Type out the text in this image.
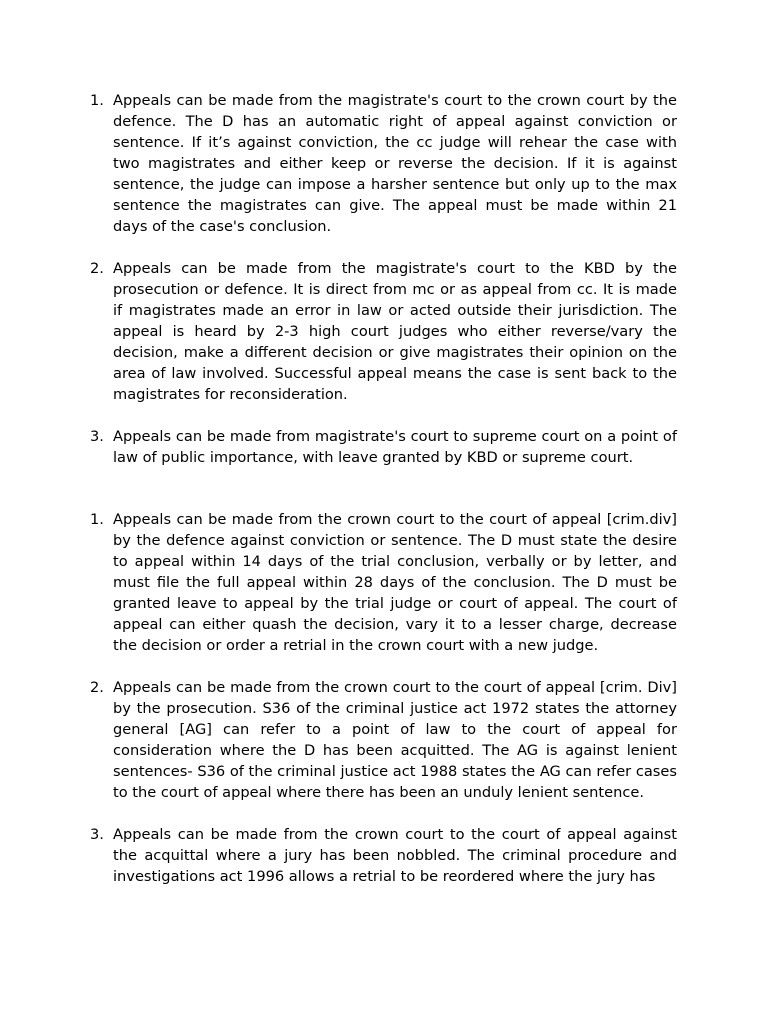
1. Appeals can be made from the magistrate's court to the crown court by the defence. The D has an automatic right of appeal against conviction or sentence. If it’s against conviction, the cc judge will rehear the case with two magistrates and either keep or reverse the decision. If it is against sentence, the judge can impose a harsher sentence but only up to the max sentence the magistrates can give. The appeal must be made within 21 days of the case's conclusion.
2. Appeals can be made from the magistrate's court to the KBD by the prosecution or defence. It is direct from mc or as appeal from cc. It is made if magistrates made an error in law or acted outside their jurisdiction. The appeal is heard by 2-3 high court judges who either reverse/vary the decision, make a different decision or give magistrates their opinion on the area of law involved. Successful appeal means the case is sent back to the magistrates for reconsideration.
3. Appeals can be made from magistrate's court to supreme court on a point of law of public importance, with leave granted by KBD or supreme court.
1. Appeals can be made from the crown court to the court of appeal [crim.div] by the defence against conviction or sentence. The D must state the desire to appeal within 14 days of the trial conclusion, verbally or by letter, and must file the full appeal within 28 days of the conclusion. The D must be granted leave to appeal by the trial judge or court of appeal. The court of appeal can either quash the decision, vary it to a lesser charge, decrease the decision or order a retrial in the crown court with a new judge.
2. Appeals can be made from the crown court to the court of appeal [crim. Div] by the prosecution. S36 of the criminal justice act 1972 states the attorney general [AG] can refer to a point of law to the court of appeal for consideration where the D has been acquitted. The AG is against lenient sentences- S36 of the criminal justice act 1988 states the AG can refer cases to the court of appeal where there has been an unduly lenient sentence.
3. Appeals can be made from the crown court to the court of appeal against the acquittal where a jury has been nobbled. The criminal procedure and investigations act 1996 allows a retrial to be reordered where the jury has
